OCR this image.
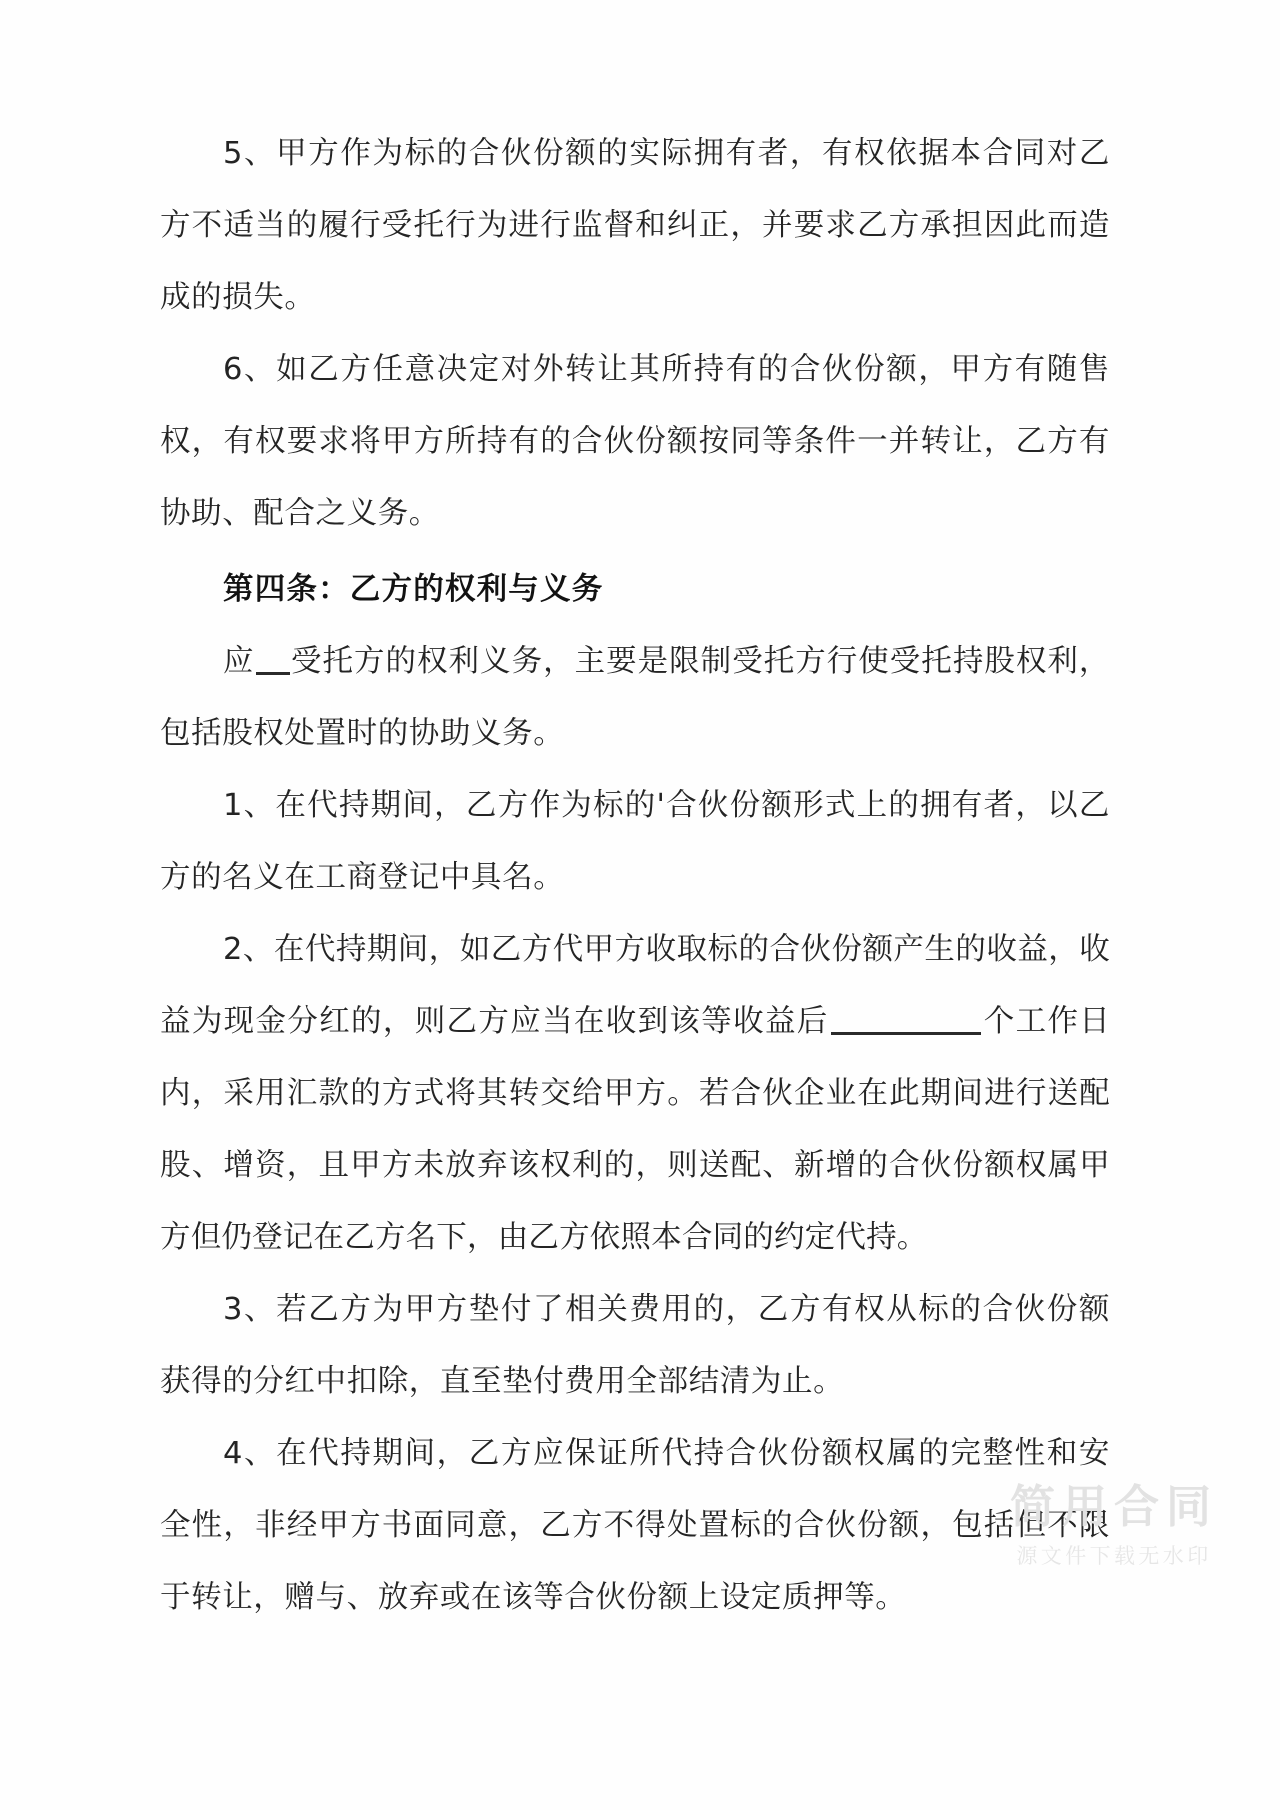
5、甲方作为标的合伙份额的实际拥有者，有权依据本合同对乙方不适当的履行受托行为进行监督和纠正，并要求乙方承担因此而造成的损失。

6、如乙方任意决定对外转让其所持有的合伙份额，甲方有随售权，有权要求将甲方所持有的合伙份额按同等条件一并转让，乙方有协助、配合之义务。

第四条：乙方的权利与义务

应 受托方的权利义务，主要是限制受托方行使受托持股权利，包括股权处置时的协助义务。

1、在代持期间，乙方作为标的'合伙份额形式上的拥有者，以乙方的名义在工商登记中具名。

2、在代持期间，如乙方代甲方收取标的合伙份额产生的收益，收益为现金分红的，则乙方应当在收到该等收益后	个工作日内，采用汇款的方式将其转交给甲方。若合伙企业在此期间进行送配股、增资，且甲方未放弃该权利的，则送配、新增的合伙份额权属甲方但仍登记在乙方名下，由乙方依照本合同的约定代持。

3、若乙方为甲方垫付了相关费用的，乙方有权从标的合伙份额获得的分红中扣除，直至垫付费用全部结清为止。

4、在代持期间，乙方应保证所代持合伙份额权属的完整性和安全性，非经甲方书面同意，乙方不得处置标的合伙份额，包括但不限于转让，赠与、放弃或在该等合伙份额上设定质押等。

简用合同
源文件下载无水印
